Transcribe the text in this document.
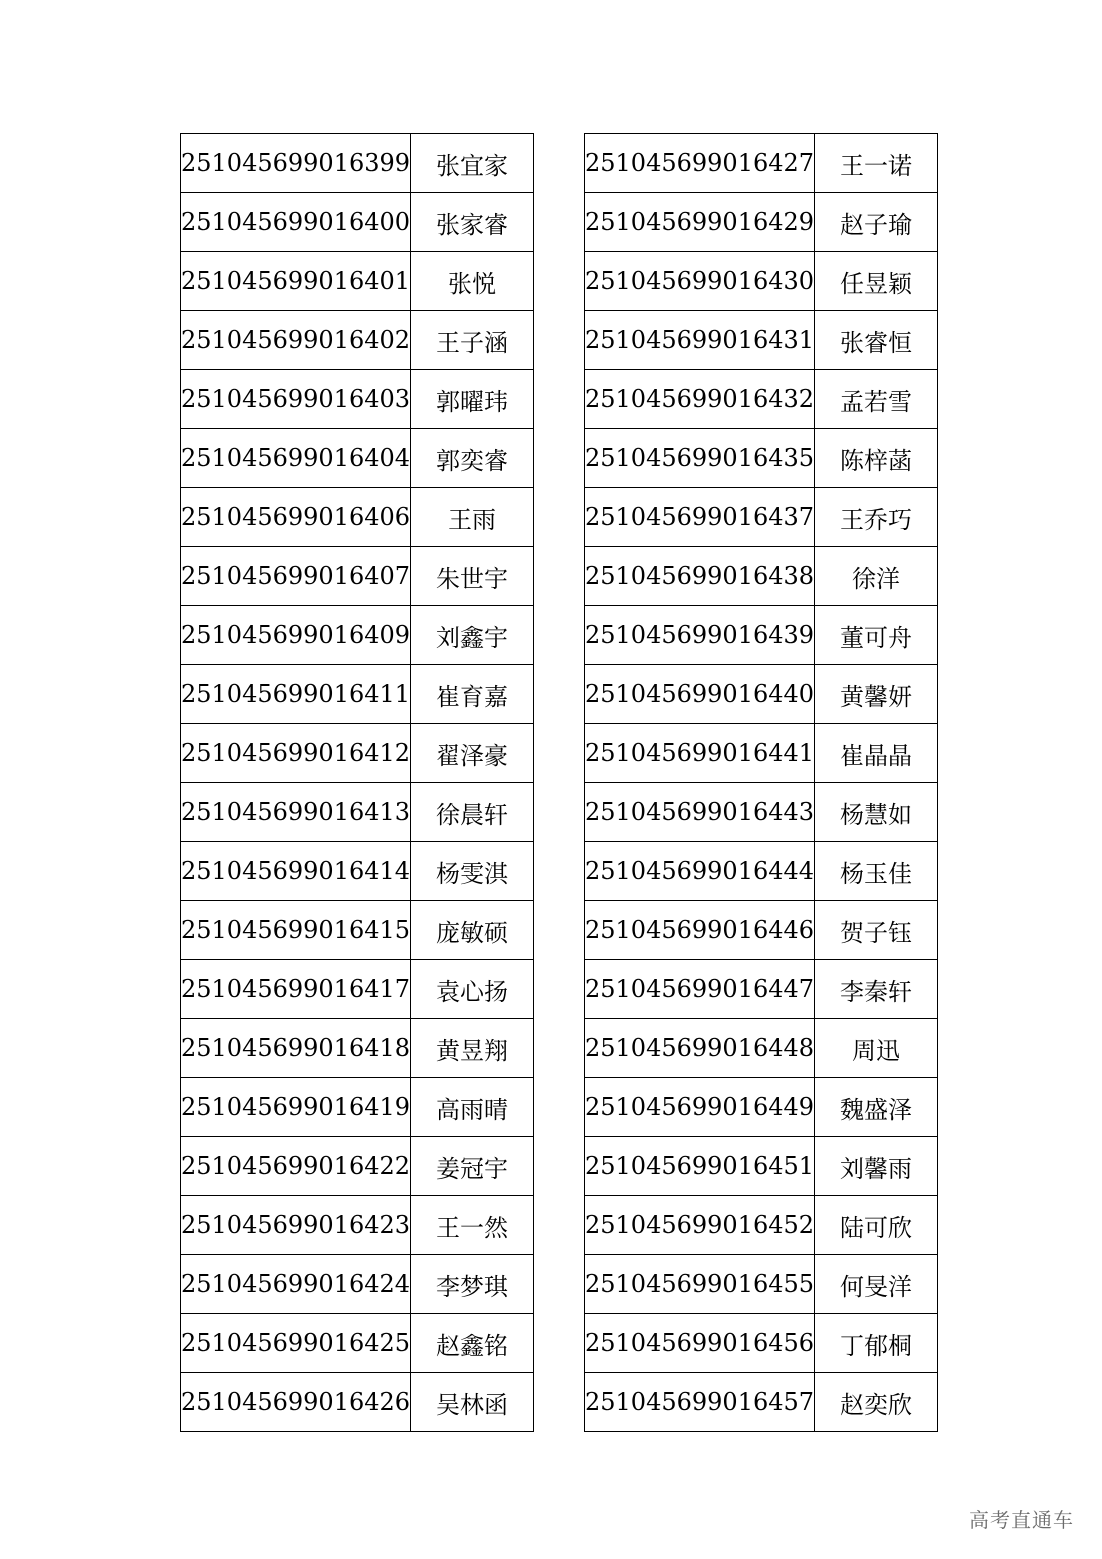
251045699016399	张宜家
251045699016400	张家睿
251045699016401	张悦
251045699016402	王子涵
251045699016403	郭曜玮
251045699016404	郭奕睿
251045699016406	王雨
251045699016407	朱世宇
251045699016409	刘鑫宇
251045699016411	崔育嘉
251045699016412	翟泽豪
251045699016413	徐晨轩
251045699016414	杨雯淇
251045699016415	庞敏硕
251045699016417	袁心扬
251045699016418	黄昱翔
251045699016419	高雨晴
251045699016422	姜冠宇
251045699016423	王一然
251045699016424	李梦琪
251045699016425	赵鑫铭
251045699016426	吴林函
251045699016427	王一诺
251045699016429	赵子瑜
251045699016430	任昱颖
251045699016431	张睿恒
251045699016432	孟若雪
251045699016435	陈梓菡
251045699016437	王乔巧
251045699016438	徐洋
251045699016439	董可舟
251045699016440	黄馨妍
251045699016441	崔晶晶
251045699016443	杨慧如
251045699016444	杨玉佳
251045699016446	贺子钰
251045699016447	李秦轩
251045699016448	周迅
251045699016449	魏盛泽
251045699016451	刘馨雨
251045699016452	陆可欣
251045699016455	何旻洋
251045699016456	丁郁桐
251045699016457	赵奕欣
高考直通车
